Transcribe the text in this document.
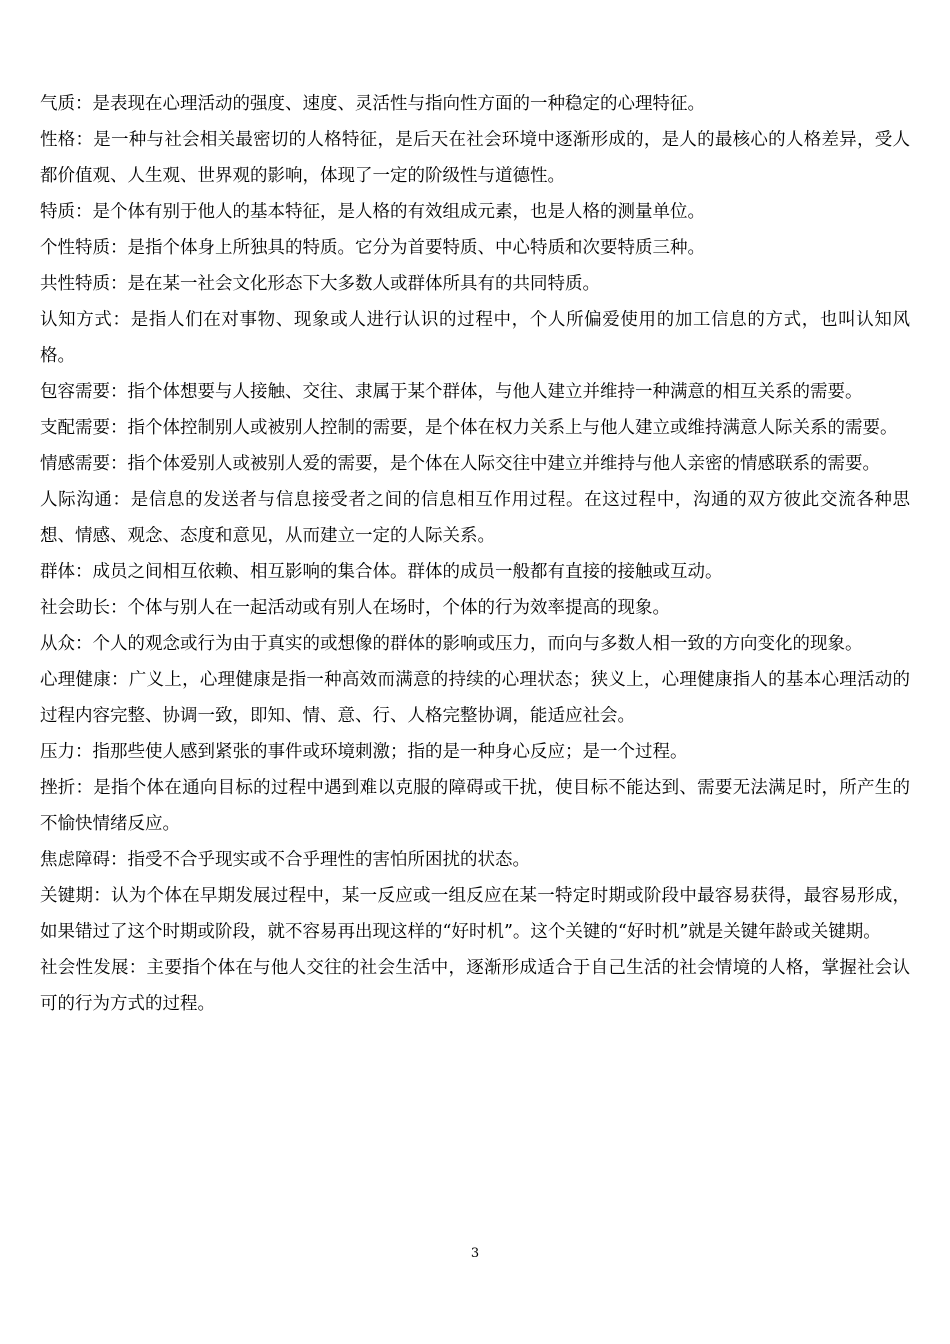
气质：是表现在心理活动的强度、速度、灵活性与指向性方面的一种稳定的心理特征。

性格：是一种与社会相关最密切的人格特征，是后天在社会环境中逐渐形成的，是人的最核心的人格差异，受人都价值观、人生观、世界观的影响，体现了一定的阶级性与道德性。

特质：是个体有别于他人的基本特征，是人格的有效组成元素，也是人格的测量单位。

个性特质：是指个体身上所独具的特质。它分为首要特质、中心特质和次要特质三种。

共性特质：是在某一社会文化形态下大多数人或群体所具有的共同特质。

认知方式：是指人们在对事物、现象或人进行认识的过程中，个人所偏爱使用的加工信息的方式，也叫认知风格。

包容需要：指个体想要与人接触、交往、隶属于某个群体，与他人建立并维持一种满意的相互关系的需要。

支配需要：指个体控制别人或被别人控制的需要，是个体在权力关系上与他人建立或维持满意人际关系的需要。

情感需要：指个体爱别人或被别人爱的需要，是个体在人际交往中建立并维持与他人亲密的情感联系的需要。

人际沟通：是信息的发送者与信息接受者之间的信息相互作用过程。在这过程中，沟通的双方彼此交流各种思想、情感、观念、态度和意见，从而建立一定的人际关系。

群体：成员之间相互依赖、相互影响的集合体。群体的成员一般都有直接的接触或互动。

社会助长：个体与别人在一起活动或有别人在场时，个体的行为效率提高的现象。

从众：个人的观念或行为由于真实的或想像的群体的影响或压力，而向与多数人相一致的方向变化的现象。

心理健康：广义上，心理健康是指一种高效而满意的持续的心理状态；狭义上，心理健康指人的基本心理活动的过程内容完整、协调一致，即知、情、意、行、人格完整协调，能适应社会。

压力：指那些使人感到紧张的事件或环境刺激；指的是一种身心反应；是一个过程。

挫折：是指个体在通向目标的过程中遇到难以克服的障碍或干扰，使目标不能达到、需要无法满足时，所产生的不愉快情绪反应。

焦虑障碍：指受不合乎现实或不合乎理性的害怕所困扰的状态。

关键期：认为个体在早期发展过程中，某一反应或一组反应在某一特定时期或阶段中最容易获得，最容易形成，如果错过了这个时期或阶段，就不容易再出现这样的“好时机”。这个关键的“好时机”就是关键年龄或关键期。

社会性发展：主要指个体在与他人交往的社会生活中，逐渐形成适合于自己生活的社会情境的人格，掌握社会认可的行为方式的过程。

3
